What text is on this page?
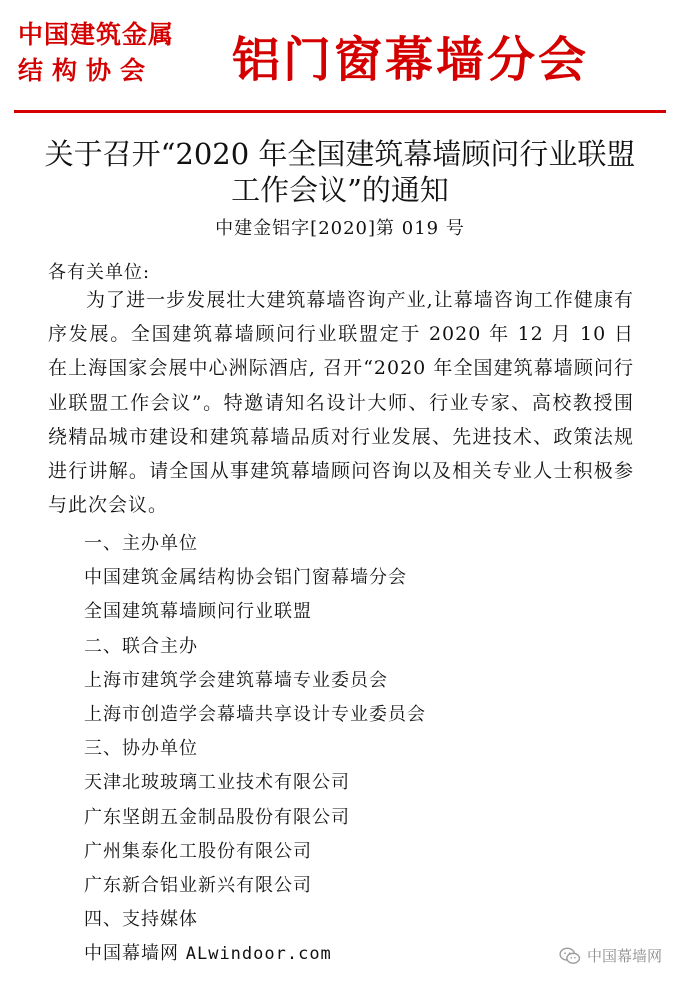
中国建筑金属
结构协会	铝门窗幕墙分会
关于召开“2020 年全国建筑幕墙顾问行业联盟
工作会议”的通知
中建金铝字[2020]第 019 号
各有关单位:

为了进一步发展壮大建筑幕墙咨询产业,让幕墙咨询工作健康有序发展。全国建筑幕墙顾问行业联盟定于 2020 年 12 月 10 日在上海国家会展中心洲际酒店, 召开“2020 年全国建筑幕墙顾问行业联盟工作会议”。特邀请知名设计大师、行业专家、高校教授围绕精品城市建设和建筑幕墙品质对行业发展、先进技术、政策法规进行讲解。请全国从事建筑幕墙顾问咨询以及相关专业人士积极参与此次会议。

一、主办单位
中国建筑金属结构协会铝门窗幕墙分会
全国建筑幕墙顾问行业联盟
二、联合主办
上海市建筑学会建筑幕墙专业委员会
上海市创造学会幕墙共享设计专业委员会
三、协办单位
天津北玻玻璃工业技术有限公司
广东坚朗五金制品股份有限公司
广州集泰化工股份有限公司
广东新合铝业新兴有限公司
四、支持媒体
中国幕墙网 ALwindoor.com	中国幕墙网
